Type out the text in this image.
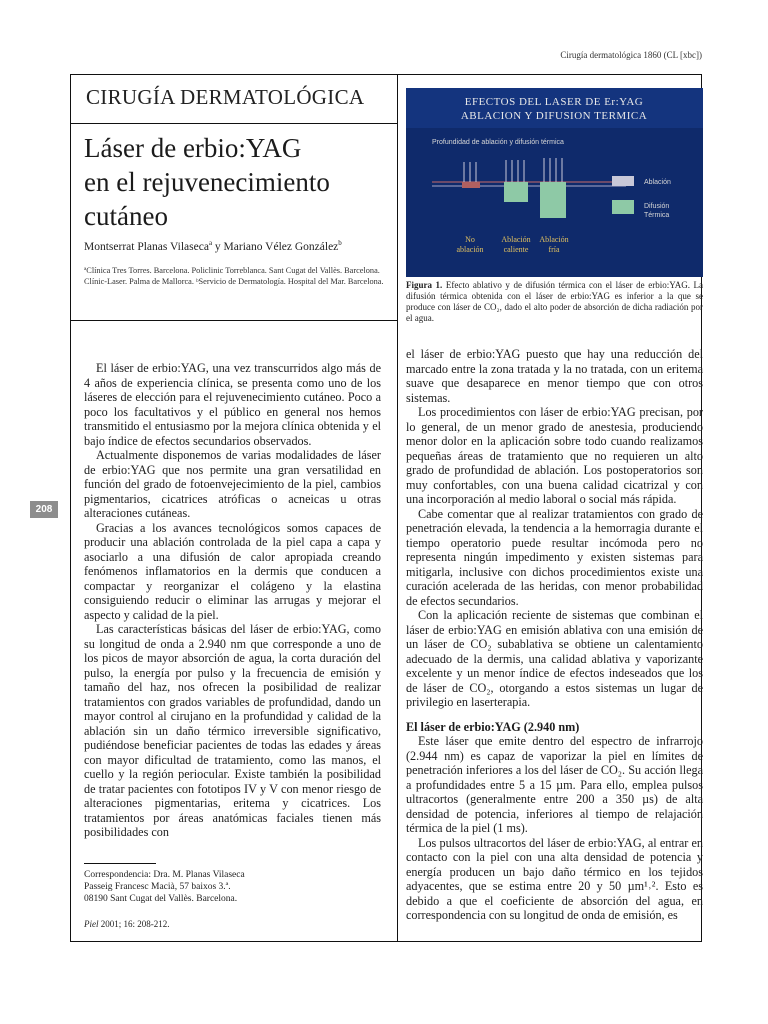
Cirugía dermatológica 1860 (CL [xbc])
CIRUGÍA DERMATOLÓGICA
Láser de erbio:YAG
en el rejuvenecimiento
cutáneo
Montserrat Planas Vilaseca$^a$ y Mariano Vélez González$^b$
ªClínica Tres Torres. Barcelona. Policlinic Torreblanca. Sant Cugat del Vallès. Barcelona. Clínic-Laser. Palma de Mallorca. ᵇServicio de Dermatología. Hospital del Mar. Barcelona.
208
EFECTOS DEL LASER DE Er:YAG
ABLACION Y DIFUSION TERMICA
Profundidad de ablación y difusión térmica
Ablación
Difusión
Térmica
No
ablación
Ablación
caliente
Ablación
fría
Figura 1. Efecto ablativo y de difusión térmica con el láser de erbio:YAG. La difusión térmica obtenida con el láser de erbio:YAG es inferior a la que se produce con láser de CO₂, dado el alto poder de absorción de dicha radiación por el agua.

El láser de erbio:YAG, una vez transcurridos algo más de 4 años de experiencia clínica, se presenta como uno de los láseres de elección para el rejuvenecimiento cutáneo. Poco a poco los facultativos y el público en general nos hemos transmitido el entusiasmo por la mejora clínica obtenida y el bajo índice de efectos secundarios observados.

Actualmente disponemos de varias modalidades de láser de erbio:YAG que nos permite una gran versatilidad en función del grado de fotoenvejecimiento de la piel, cambios pigmentarios, cicatrices atróficas o acneicas u otras alteraciones cutáneas.

Gracias a los avances tecnológicos somos capaces de producir una ablación controlada de la piel capa a capa y asociarlo a una difusión de calor apropiada creando fenómenos inflamatorios en la dermis que conducen a compactar y reorganizar el colágeno y la elastina consiguiendo reducir o eliminar las arrugas y mejorar el aspecto y calidad de la piel.

Las características básicas del láser de erbio:YAG, como su longitud de onda a 2.940 nm que corresponde a uno de los picos de mayor absorción de agua, la corta duración del pulso, la energía por pulso y la frecuencia de emisión y tamaño del haz, nos ofrecen la posibilidad de realizar tratamientos con grados variables de profundidad, dando un mayor control al cirujano en la profundidad y calidad de la ablación sin un daño térmico irreversible significativo, pudiéndose beneficiar pacientes de todas las edades y áreas con mayor dificultad de tratamiento, como las manos, el cuello y la región periocular. Existe también la posibilidad de tratar pacientes con fototipos IV y V con menor riesgo de alteraciones pigmentarias, eritema y cicatrices. Los tratamientos por áreas anatómicas faciales tienen más posibilidades con

el láser de erbio:YAG puesto que hay una reducción del marcado entre la zona tratada y la no tratada, con un eritema suave que desaparece en menor tiempo que con otros sistemas.

Los procedimientos con láser de erbio:YAG precisan, por lo general, de un menor grado de anestesia, produciendo menor dolor en la aplicación sobre todo cuando realizamos pequeñas áreas de tratamiento que no requieren un alto grado de profundidad de ablación. Los postoperatorios son muy confortables, con una buena calidad cicatrizal y con una incorporación al medio laboral o social más rápida.

Cabe comentar que al realizar tratamientos con grado de penetración elevada, la tendencia a la hemorragia durante el tiempo operatorio puede resultar incómoda pero no representa ningún impedimento y existen sistemas para mitigarla, inclusive con dichos procedimientos existe una curación acelerada de las heridas, con menor probabilidad de efectos secundarios.

Con la aplicación reciente de sistemas que combinan el láser de erbio:YAG en emisión ablativa con una emisión de un láser de CO₂ subablativa se obtiene un calentamiento adecuado de la dermis, una calidad ablativa y vaporizante excelente y un menor índice de efectos indeseados que los de láser de CO₂, otorgando a estos sistemas un lugar de privilegio en laserterapia.

El láser de erbio:YAG (2.940 nm)

Este láser que emite dentro del espectro de infrarrojo (2.944 nm) es capaz de vaporizar la piel en límites de penetración inferiores a los del láser de CO₂. Su acción llega a profundidades entre 5 a 15 µm. Para ello, emplea pulsos ultracortos (generalmente entre 200 a 350 µs) de alta densidad de potencia, inferiores al tiempo de relajación térmica de la piel (1 ms).

Los pulsos ultracortos del láser de erbio:YAG, al entrar en contacto con la piel con una alta densidad de potencia y energía producen un bajo daño térmico en los tejidos adyacentes, que se estima entre 20 y 50 µm¹˒². Esto es debido a que el coeficiente de absorción del agua, en correspondencia con su longitud de onda de emisión, es

Correspondencia: Dra. M. Planas Vilaseca
Passeig Francesc Macià, 57 baixos 3.ª.
08190 Sant Cugat del Vallès. Barcelona.
Piel 2001; 16: 208-212.
